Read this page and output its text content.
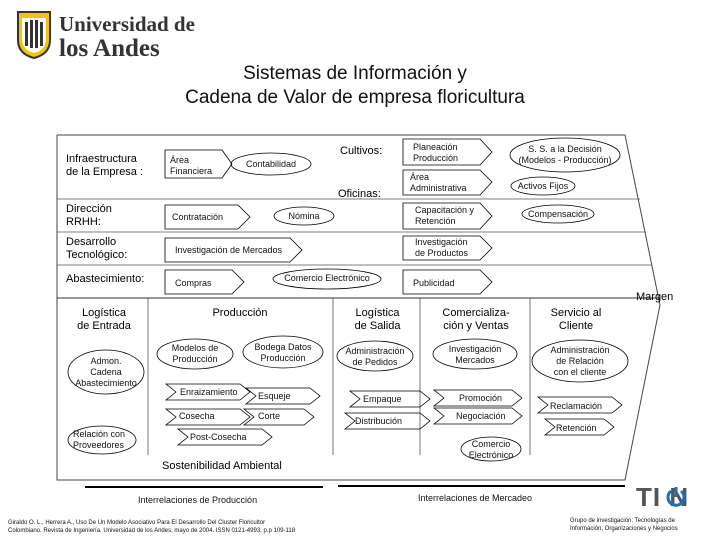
Universidad de
los Andes
Sistemas de Información y
Cadena de Valor de empresa floricultura
Infraestructura
de la Empresa :
Área
Financiera
Contabilidad
Cultivos:
Oficinas:
Planeación
Producción
Área
Administrativa
S. S. a la Decisión
(Modelos - Producción)
Activos Fijos
Dirección
RRHH:	Contratación	Nómina
Capacitación y
Retención
Compensación
Desarrollo
Tecnológico:	Investigación de Mercados
Investigación
de Productos
Abastecimiento:	Compras	Comercio Electrónico	Publicidad
Margen
Logística
de Entrada
Admon.
Cadena
Abastecimiento
Relación con
Proveedores
Producción
Modelos de
Producción
Bodega Datos
Producción
Enraizamiento Esqueje
Cosecha	Corte
Post-Cosecha
Logística
de Salida
Administración
de Pedidos
Empaque
Distribución
Comercializa-
ción y Ventas
Investigación
Mercados
Promoción
Negociación
Comercio
Electrónico
Servicio al
Cliente
Administración
de Relación
con el cliente
Reclamación
Retención
Sostenibilidad Ambiental
Interrelaciones de Producción	Interrelaciones de Mercadeo
Giraldo O. L., Herrera A., Uso De Un Modelo Asociativo Para El Desarrollo Del Cluster Floricultor
Colombiano. Revista de Ingeniería. Universidad de los Andes, mayo de 2004. ISSN 0121-4993. p.p 109-118
TI N
Grupo de investigación: Tecnologías de
Información, Organizaciones y Negocios
